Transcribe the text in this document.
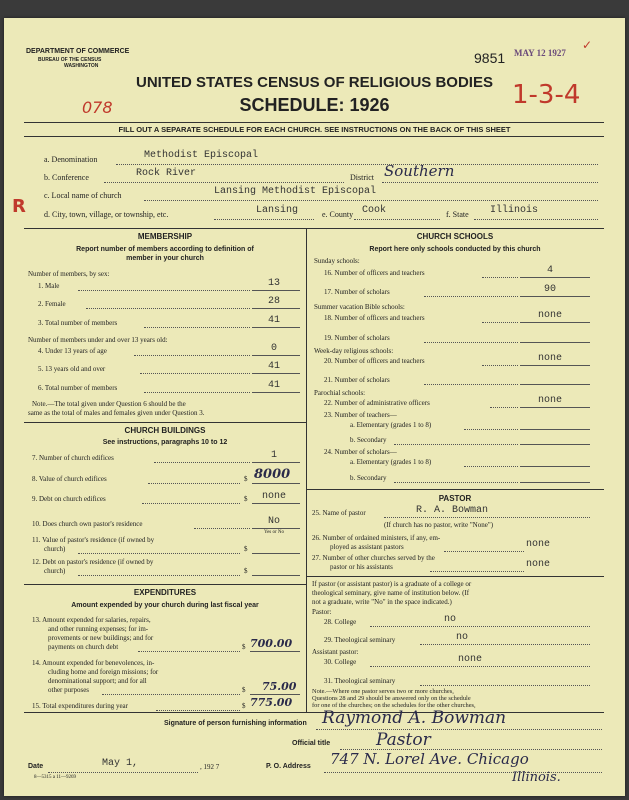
DEPARTMENT OF COMMERCE
BUREAU OF THE CENSUS
WASHINGTON	9851 MAY 12 1927
✓
UNITED STATES CENSUS OF RELIGIOUS BODIES
SCHEDULE: 1926	1-3-4
078
R
FILL OUT A SEPARATE SCHEDULE FOR EACH CHURCH. SEE INSTRUCTIONS ON THE BACK OF THIS SHEET
a. Denomination	Methodist Episcopal
b. Conference	Rock River	District Southern
c. Local name of church	Lansing Methodist Episcopal
d. City, town, village, or township, etc.	Lansing	e. County Cook	f. State Illinois
MEMBERSHIP
Report number of members according to definition of
member in your church
Number of members, by sex:
1. Male	13
2. Female	28
3. Total number of members	41
Number of members under and over 13 years old:
4. Under 13 years of age	0
5. 13 years old and over	41
6. Total number of members	41
Note.—The total given under Question 6 should be the
same as the total of males and females given under Question 3.
CHURCH BUILDINGS
See instructions, paragraphs 10 to 12
7. Number of church edifices	1
8. Value of church edifices	$ 8000
9. Debt on church edifices	$	none
10. Does church own pastor's residence	No
Yes or No
11. Value of pastor's residence (if owned by
church)	$
12. Debt on pastor's residence (if owned by
church)	$
EXPENDITURES
Amount expended by your church during last fiscal year
13. Amount expended for salaries, repairs,
and other running expenses; for im-
provements or new buildings; and for
payments on church debt	$ 700.00
14. Amount expended for benevolences, in-
cluding home and foreign missions; for
denominational support; and for all
other purposes	$ 75.00
15. Total expenditures during year	$ 775.00
CHURCH SCHOOLS
Report here only schools conducted by this church
Sunday schools:
16. Number of officers and teachers	4
17. Number of scholars	90
Summer vacation Bible schools:
18. Number of officers and teachers	none
19. Number of scholars
Week-day religious schools:
20. Number of officers and teachers	none
21. Number of scholars
Parochial schools:
22. Number of administrative officers	none
23. Number of teachers—
a. Elementary (grades 1 to 8)
b. Secondary
24. Number of scholars—
a. Elementary (grades 1 to 8)
b. Secondary
PASTOR
25. Name of pastor	R. A. Bowman
(If church has no pastor, write "None")
26. Number of ordained ministers, if any, em-
ployed as assistant pastors	none
27. Number of other churches served by the
pastor or his assistants	none
If pastor (or assistant pastor) is a graduate of a college or
theological seminary, give name of institution below. (If
not a graduate, write "No" in the space indicated.)
Pastor:
28. College	no
29. Theological seminary	no
Assistant pastor:
30. College	none
31. Theological seminary
Note.—Where one pastor serves two or more churches,
Questions 28 and 29 should be answered only on the schedule
for one of the churches; on the schedules for the other churches,
Signature of person furnishing information Raymond A. Bowman
Official title	Pastor
Date	May 1,	, 192 7
8—5315 a 11—9269
P. O. Address 747 N. Lorel Ave. Chicago
Illinois.
